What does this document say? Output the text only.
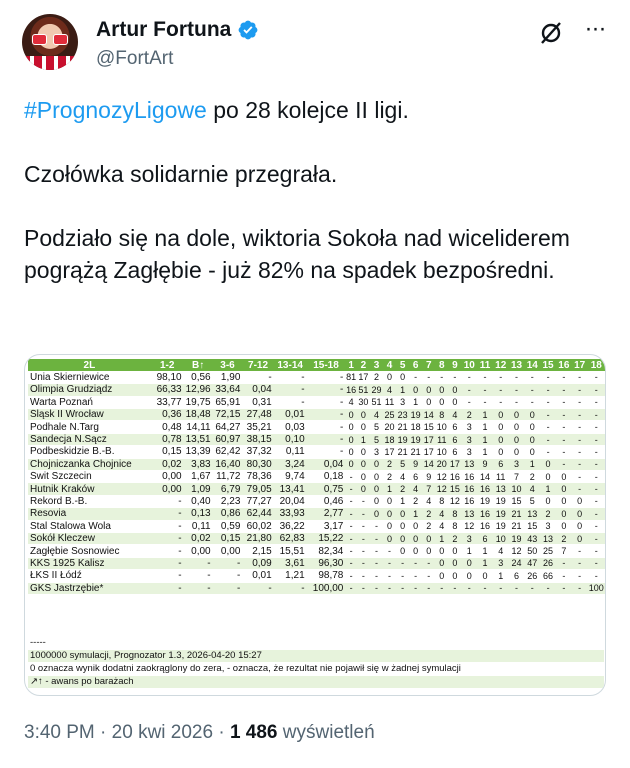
Artur Fortuna
@FortArt
···

#PrognozyLigowe po 28 kolejce II ligi.

Czołówka solidarnie przegrała.

Podziało się na dole, wiktoria Sokoła nad wiceliderem pogrążą Zagłębie - już 82% na spadek bezpośredni.

2L	1-2	B↑	3-6	7-12	13-14	15-18	1	2	3	4	5	6	7	8	9	10	11	12	13	14	15	16	17	18
Unia Skierniewice	98,10	0,56	1,90	-	-	-	81	17	2	0	0	-	-	-	-	-	-	-	-	-	-	-	-	-
Olimpia Grudziądz	66,33	12,96	33,64	0,04	-	-	16	51	29	4	1	0	0	0	0	-	-	-	-	-	-	-	-	-
Warta Poznań	33,77	19,75	65,91	0,31	-	-	4	30	51	11	3	1	0	0	0	-	-	-	-	-	-	-	-	-
Śląsk II Wrocław	0,36	18,48	72,15	27,48	0,01	-	0	0	4	25	23	19	14	8	4	2	1	0	0	0	-	-	-	-
Podhale N.Targ	0,48	14,11	64,27	35,21	0,03	-	0	0	5	20	21	18	15	10	6	3	1	0	0	0	-	-	-	-
Sandecja N.Sącz	0,78	13,51	60,97	38,15	0,10	-	0	1	5	18	19	19	17	11	6	3	1	0	0	0	-	-	-	-
Podbeskidzie B.-B.	0,15	13,39	62,42	37,32	0,11	-	0	0	3	17	21	21	17	10	6	3	1	0	0	0	-	-	-	-
Chojniczanka Chojnice	0,02	3,83	16,40	80,30	3,24	0,04	0	0	0	2	5	9	14	20	17	13	9	6	3	1	0	-	-	-
Świt Szczecin	0,00	1,67	11,72	78,36	9,74	0,18	-	0	0	2	4	6	9	12	16	16	14	11	7	2	0	0	-	-
Hutnik Kraków	0,00	1,09	6,79	79,05	13,41	0,75	-	0	0	1	2	4	7	12	15	16	16	13	10	4	1	0	-	-
Rekord B.-B.	-	0,40	2,23	77,27	20,04	0,46	-	-	0	0	1	2	4	8	12	16	19	19	15	5	0	0	0	-
Resovia	-	0,13	0,86	62,44	33,93	2,77	-	-	0	0	0	1	2	4	8	13	16	19	21	13	2	0	0	-
Stal Stalowa Wola	-	0,11	0,59	60,02	36,22	3,17	-	-	-	0	0	0	2	4	8	12	16	19	21	15	3	0	0	-
Sokół Kleczew	-	0,02	0,15	21,80	62,83	15,22	-	-	-	0	0	0	0	1	2	3	6	10	19	43	13	2	0	-
Zagłębie Sosnowiec	-	0,00	0,00	2,15	15,51	82,34	-	-	-	-	0	0	0	0	0	1	1	4	12	50	25	7	-	-
KKS 1925 Kalisz	-	-	-	0,09	3,61	96,30	-	-	-	-	-	-	-	0	0	0	1	3	24	47	26	-	-	-
ŁKS II Łódź	-	-	-	0,01	1,21	98,78	-	-	-	-	-	-	-	0	0	0	0	1	6	26	66	-	-	-
GKS Jastrzębie*	-	-	-	-	-	100,00	-	-	-	-	-	-	-	-	-	-	-	-	-	-	-	-	-	100
-----
1000000 symulacji, Prognozator 1.3, 2026-04-20 15:27
0 oznacza wynik dodatni zaokrąglony do zera, - oznacza, że rezultat nie pojawił się w żadnej symulacji
↗↑ - awans po barażach
3:40 PM · 20 kwi 2026 · 1 486 wyświetleń
